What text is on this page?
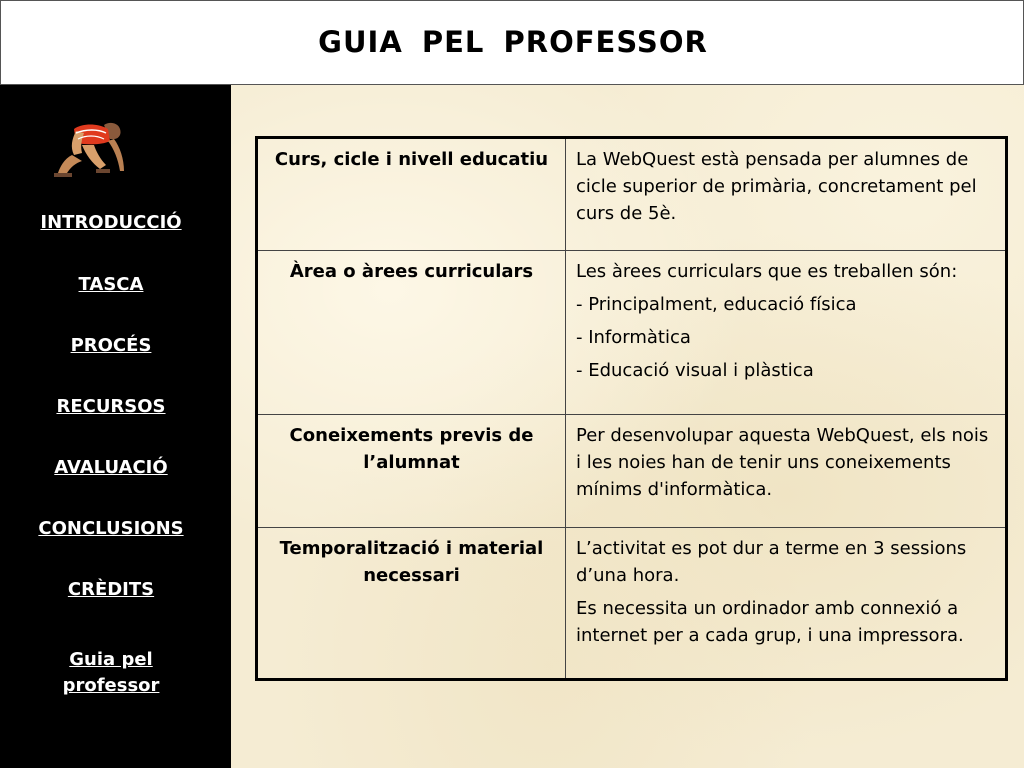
GUIA PEL PROFESSOR
INTRODUCCIÓ
TASCA
PROCÉS
RECURSOS
AVALUACIÓ
CONCLUSIONS
CRÈDITS
Guia pel
professor
Curs, cicle i nivell educatiu	La WebQuest està pensada per alumnes de cicle superior de primària, concretament pel curs de 5è.

Àrea o àrees curriculars	Les àrees curriculars que es treballen són:

- Principalment, educació física

- Informàtica

- Educació visual i plàstica

Coneixements previs de l’alumnat	Per desenvolupar aquesta WebQuest, els nois i les noies han de tenir uns coneixements mínims d'informàtica.

Temporalització i material necessari	L’activitat es pot dur a terme en 3 sessions d’una hora.

Es necessita un ordinador amb connexió a internet per a cada grup, i una impressora.
